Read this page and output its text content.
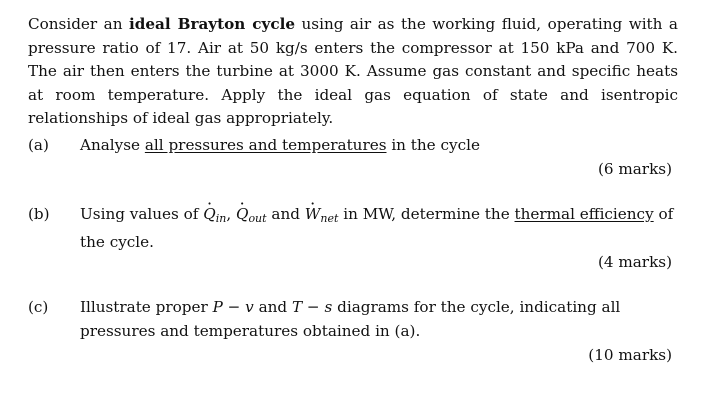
Consider an ideal Brayton cycle using air as the working fluid, operating with a pressure ratio of 17. Air at 50 kg/s enters the compressor at 150 kPa and 700 K. The air then enters the turbine at 3000 K. Assume gas constant and specific heats at room temperature. Apply the ideal gas equation of state and isentropic relationships of ideal gas appropriately.
(a)	Analyse all pressures and temperatures in the cycle
(6 marks)
(b)	Using values of · $Q_{in}$, · $Q_{out}$ and · $W_{net}$ in MW, determine the thermal efficiency of the cycle.
(4 marks)
(c)	Illustrate proper P − v and T − s diagrams for the cycle, indicating all pressures and temperatures obtained in (a).
(10 marks)
